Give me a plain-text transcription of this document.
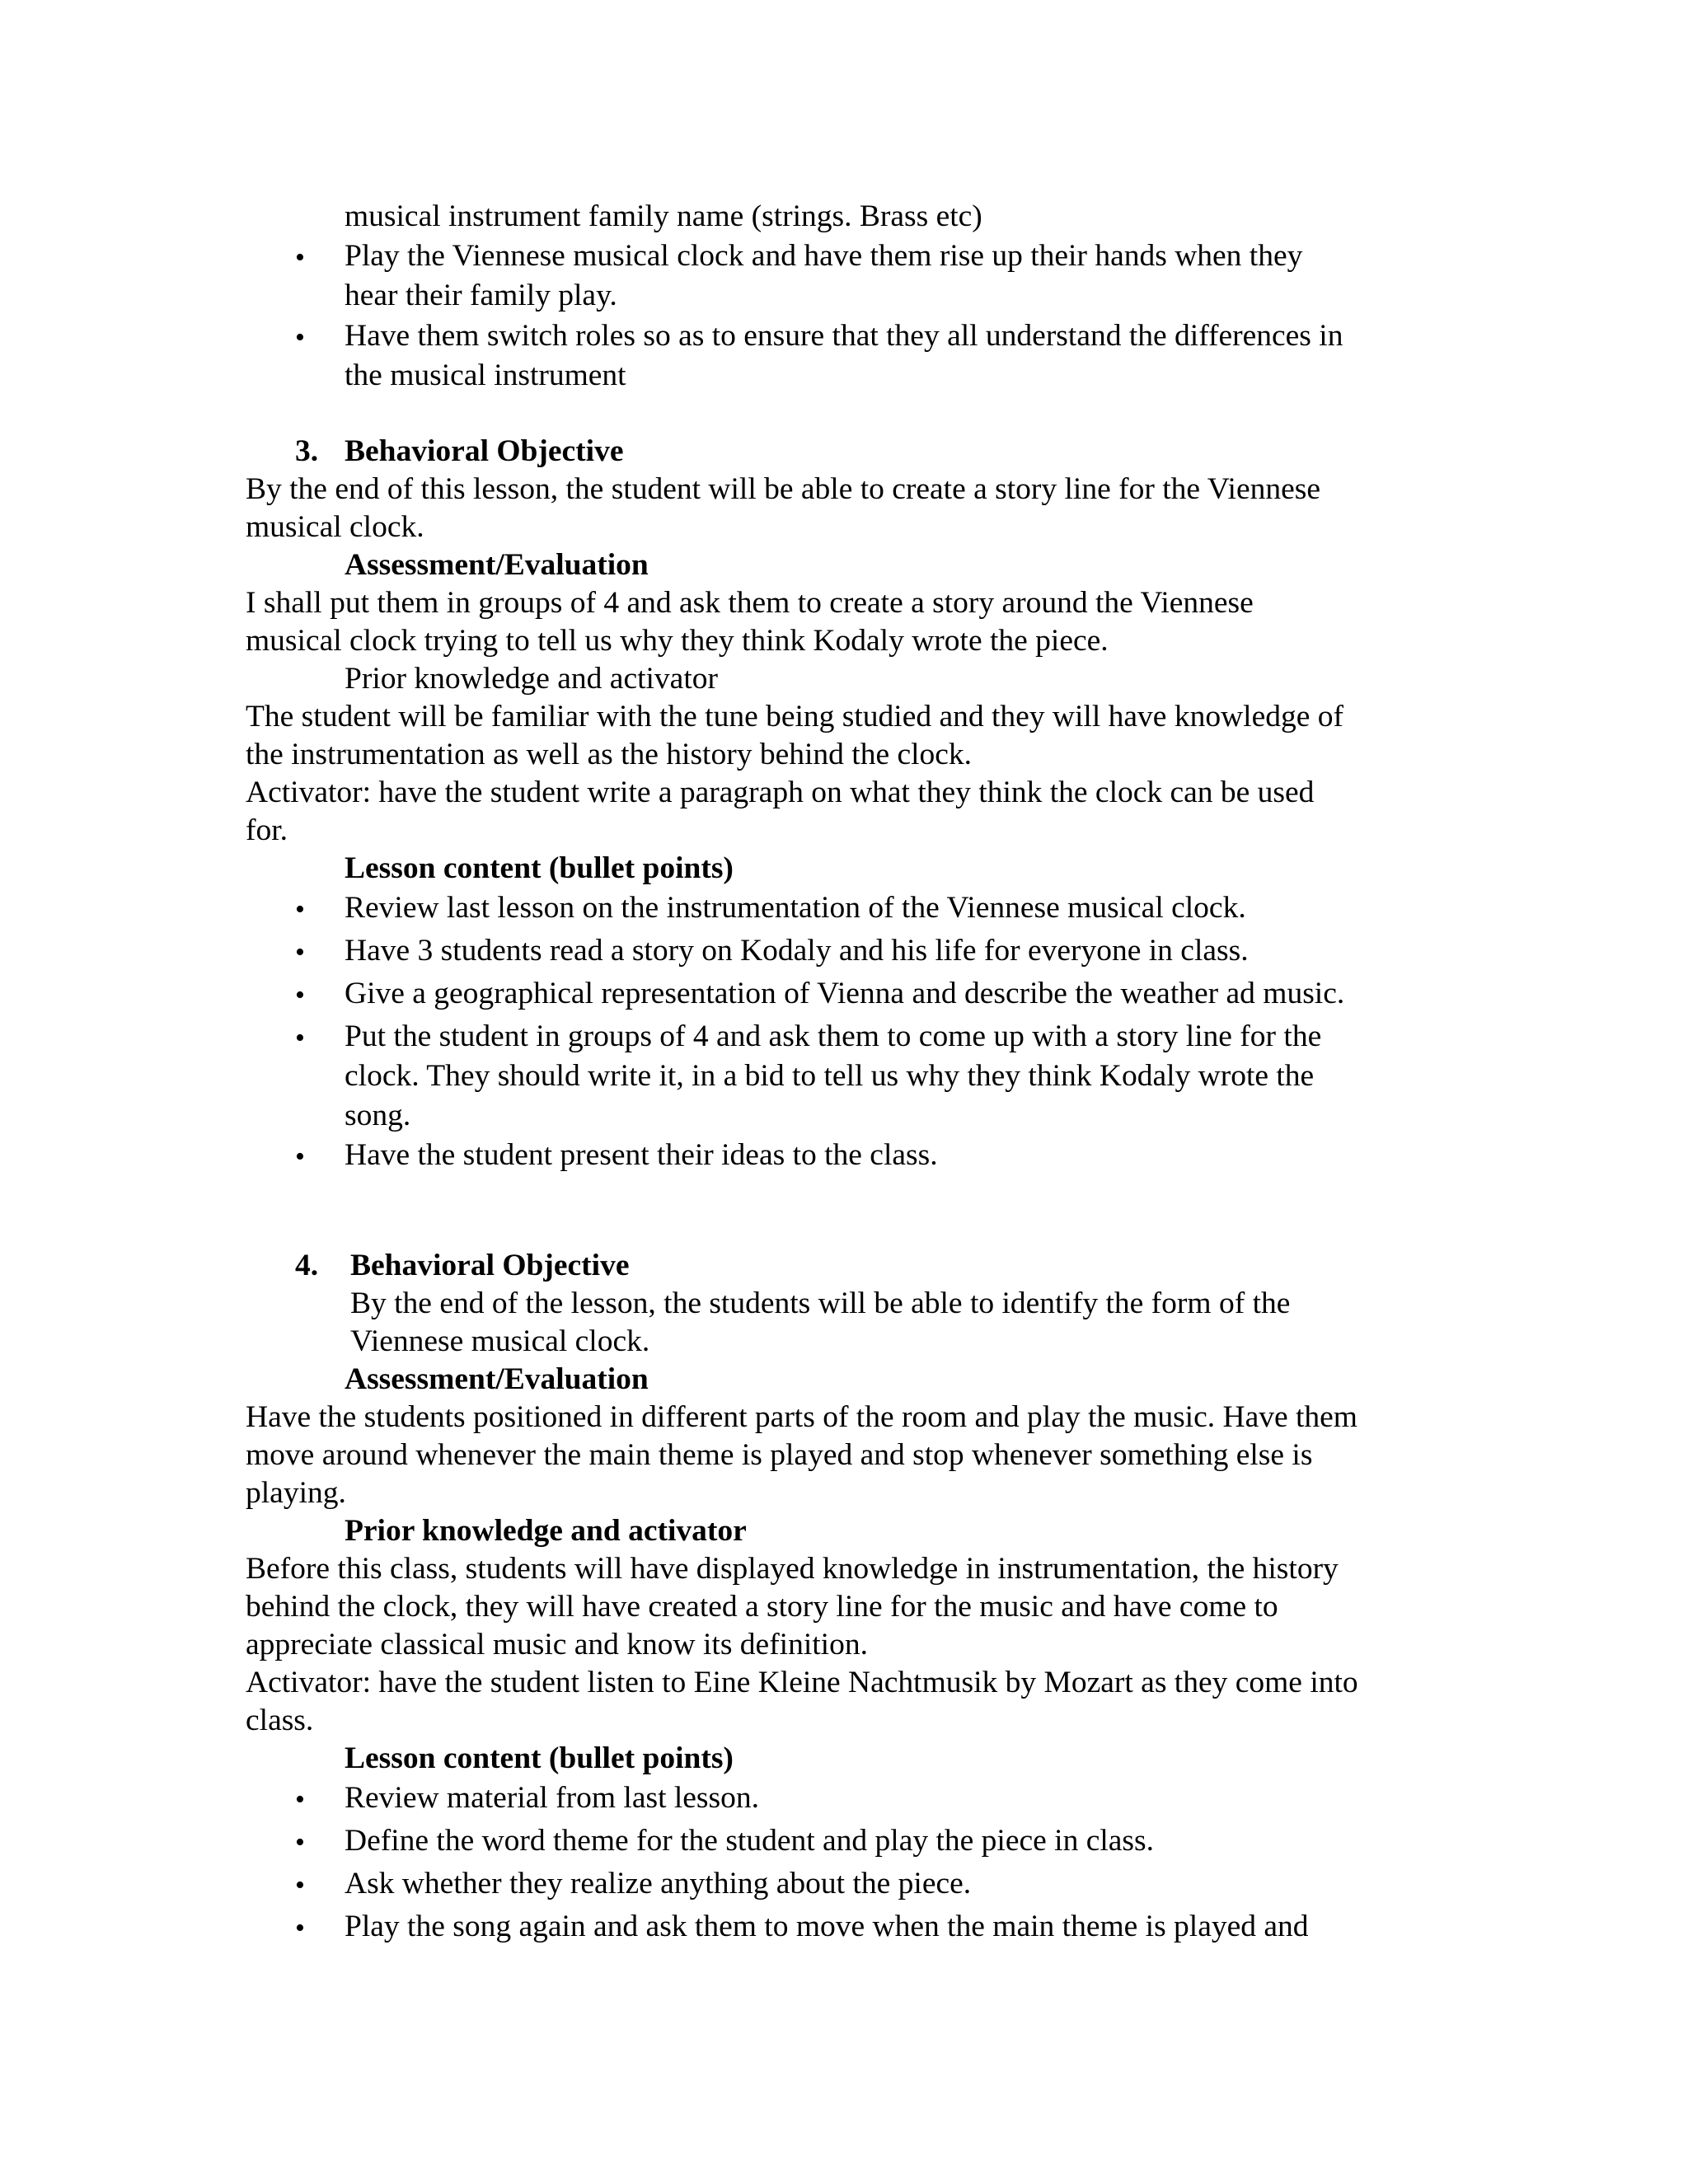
musical instrument family name (strings. Brass etc)
• Play the Viennese musical clock and have them rise up their hands when they
hear their family play.
• Have them switch roles so as to ensure that they all understand the differences in
the musical instrument
3. Behavioral Objective
By the end of this lesson, the student will be able to create a story line for the Viennese
musical clock.
Assessment/Evaluation
I shall put them in groups of 4 and ask them to create a story around the Viennese
musical clock trying to tell us why they think Kodaly wrote the piece.
Prior knowledge and activator
The student will be familiar with the tune being studied and they will have knowledge of
the instrumentation as well as the history behind the clock.
Activator: have the student write a paragraph on what they think the clock can be used
for.
Lesson content (bullet points)
• Review last lesson on the instrumentation of the Viennese musical clock.
• Have 3 students read a story on Kodaly and his life for everyone in class.
• Give a geographical representation of Vienna and describe the weather ad music.
• Put the student in groups of 4 and ask them to come up with a story line for the
clock. They should write it, in a bid to tell us why they think Kodaly wrote the
song.
• Have the student present their ideas to the class.
4. Behavioral Objective
By the end of the lesson, the students will be able to identify the form of the
Viennese musical clock.
Assessment/Evaluation
Have the students positioned in different parts of the room and play the music. Have them
move around whenever the main theme is played and stop whenever something else is
playing.
Prior knowledge and activator
Before this class, students will have displayed knowledge in instrumentation, the history
behind the clock, they will have created a story line for the music and have come to
appreciate classical music and know its definition.
Activator: have the student listen to Eine Kleine Nachtmusik by Mozart as they come into
class.
Lesson content (bullet points)
• Review material from last lesson.
• Define the word theme for the student and play the piece in class.
• Ask whether they realize anything about the piece.
• Play the song again and ask them to move when the main theme is played and
